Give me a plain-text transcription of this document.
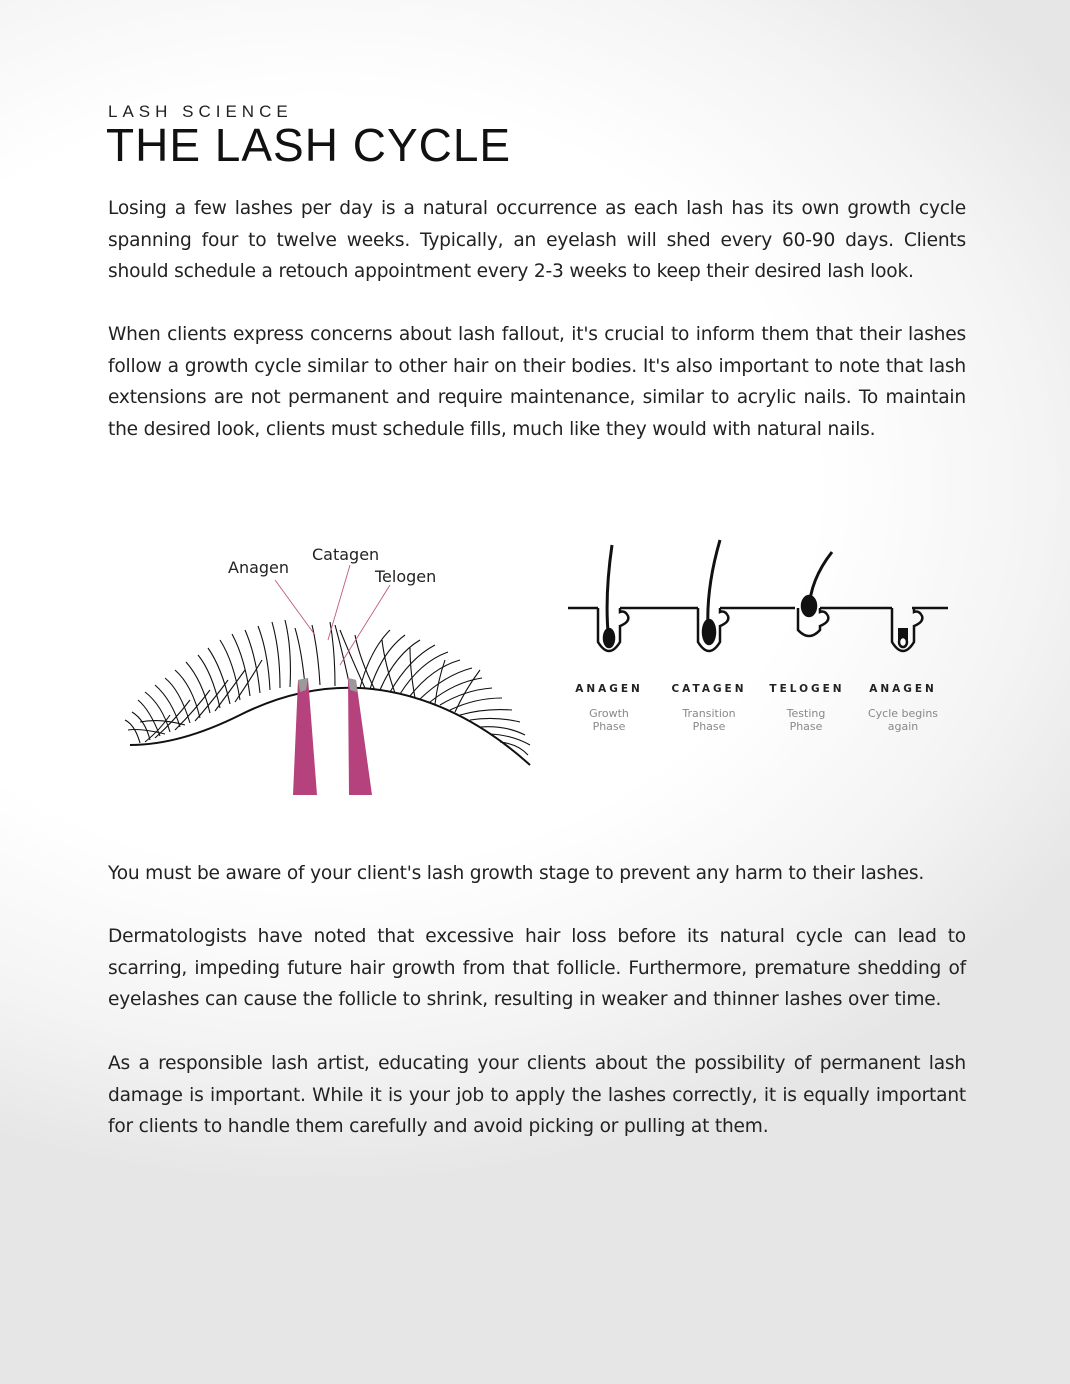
LASH SCIENCE
THE LASH CYCLE

Losing a few lashes per day is a natural occurrence as each lash has its own growth cycle spanning four to twelve weeks. Typically, an eyelash will shed every 60-90 days. Clients should schedule a retouch appointment every 2-3 weeks to keep their desired lash look.

When clients express concerns about lash fallout, it's crucial to inform them that their lashes follow a growth cycle similar to other hair on their bodies. It's also important to note that lash extensions are not permanent and require maintenance, similar to acrylic nails. To maintain the desired look, clients must schedule fills, much like they would with natural nails.

Anagen
Catagen
Telogen
ANAGEN	CATAGEN TELOGEN ANAGEN
Growth
Phase
Transition
Phase
Testing
Phase
Cycle begins
again

You must be aware of your client's lash growth stage to prevent any harm to their lashes.

Dermatologists have noted that excessive hair loss before its natural cycle can lead to scarring, impeding future hair growth from that follicle. Furthermore, premature shedding of eyelashes can cause the follicle to shrink, resulting in weaker and thinner lashes over time.

As a responsible lash artist, educating your clients about the possibility of permanent lash damage is important. While it is your job to apply the lashes correctly, it is equally important for clients to handle them carefully and avoid picking or pulling at them.
